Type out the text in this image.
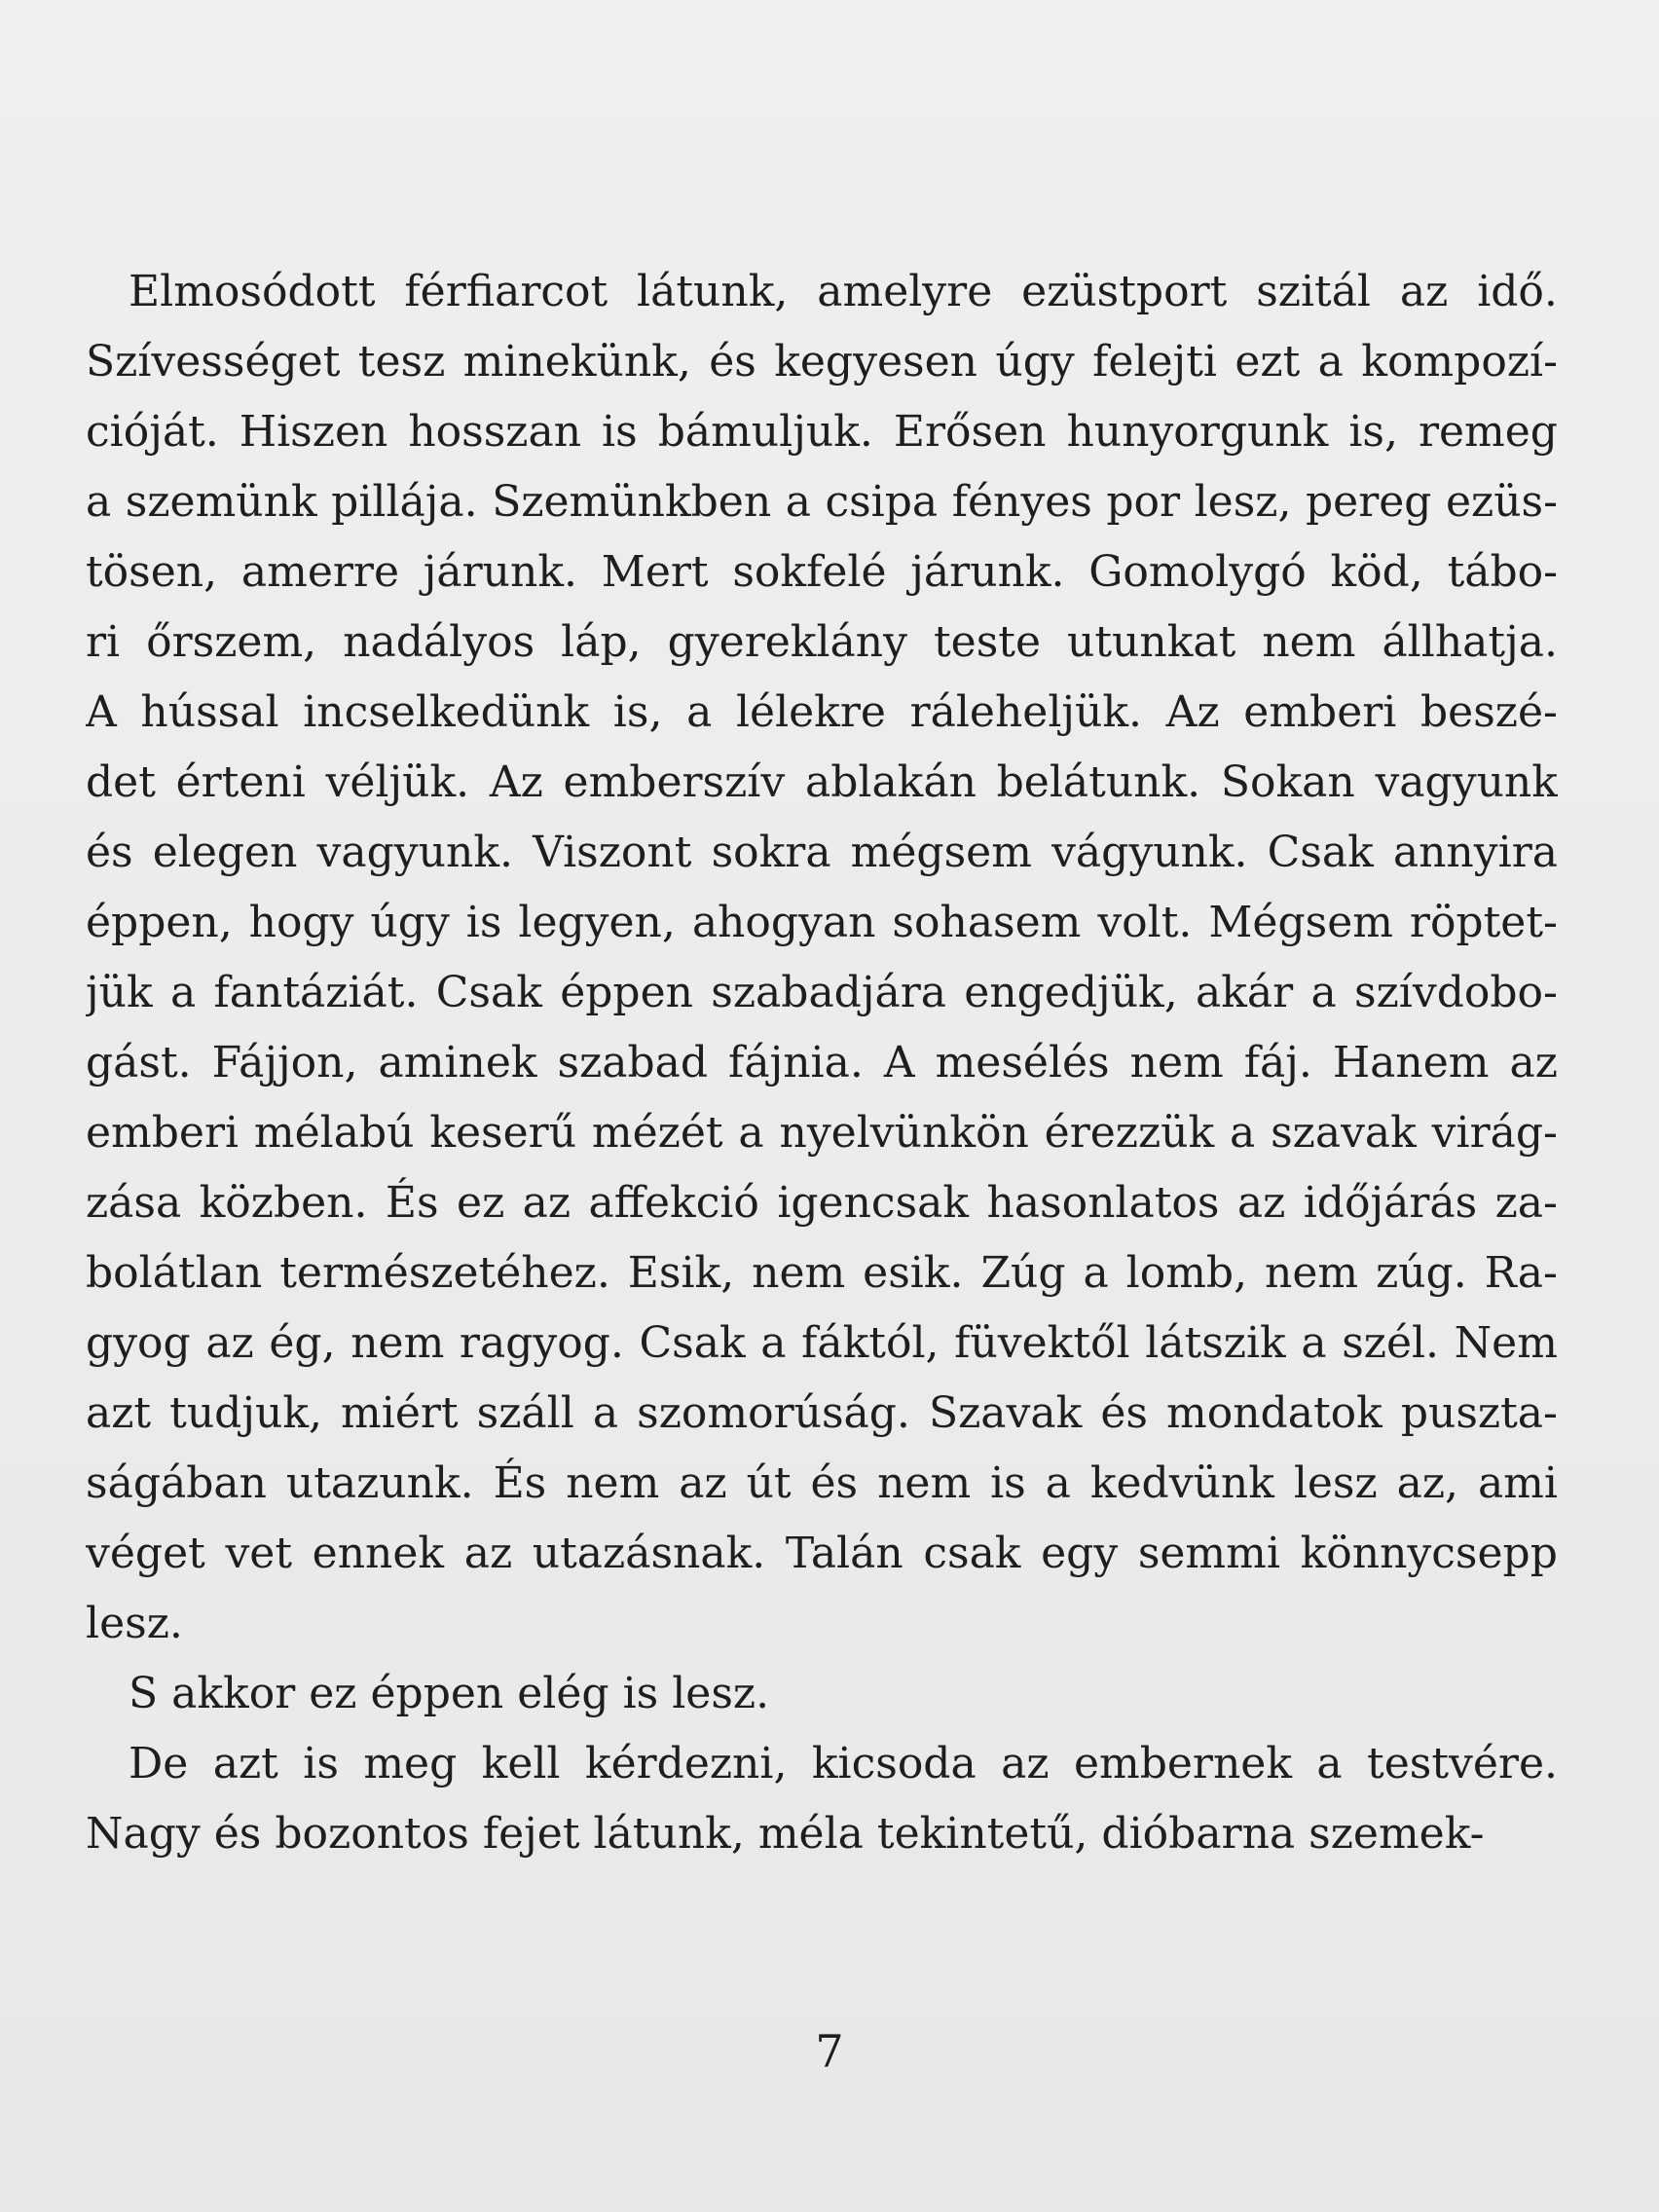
Elmosódott férfiarcot látunk, amelyre ezüstport szitál az idő.
Szívességet tesz minekünk, és kegyesen úgy felejti ezt a kompozí-
cióját. Hiszen hosszan is bámuljuk. Erősen hunyorgunk is, remeg
a szemünk pillája. Szemünkben a csipa fényes por lesz, pereg ezüs-
tösen, amerre járunk. Mert sokfelé járunk. Gomolygó köd, tábo-
ri őrszem, nadályos láp, gyereklány teste utunkat nem állhatja.
A hússal incselkedünk is, a lélekre ráleheljük. Az emberi beszé-
det érteni véljük. Az emberszív ablakán belátunk. Sokan vagyunk
és elegen vagyunk. Viszont sokra mégsem vágyunk. Csak annyira
éppen, hogy úgy is legyen, ahogyan sohasem volt. Mégsem röptet-
jük a fantáziát. Csak éppen szabadjára engedjük, akár a szívdobo-
gást. Fájjon, aminek szabad fájnia. A mesélés nem fáj. Hanem az
emberi mélabú keserű mézét a nyelvünkön érezzük a szavak virág-
zása közben. És ez az affekció igencsak hasonlatos az időjárás za-
bolátlan természetéhez. Esik, nem esik. Zúg a lomb, nem zúg. Ra-
gyog az ég, nem ragyog. Csak a fáktól, füvektől látszik a szél. Nem
azt tudjuk, miért száll a szomorúság. Szavak és mondatok puszta-
ságában utazunk. És nem az út és nem is a kedvünk lesz az, ami
véget vet ennek az utazásnak. Talán csak egy semmi könnycsepp
lesz.
S akkor ez éppen elég is lesz.
De azt is meg kell kérdezni, kicsoda az embernek a testvére.
Nagy és bozontos fejet látunk, méla tekintetű, dióbarna szemek-
7
